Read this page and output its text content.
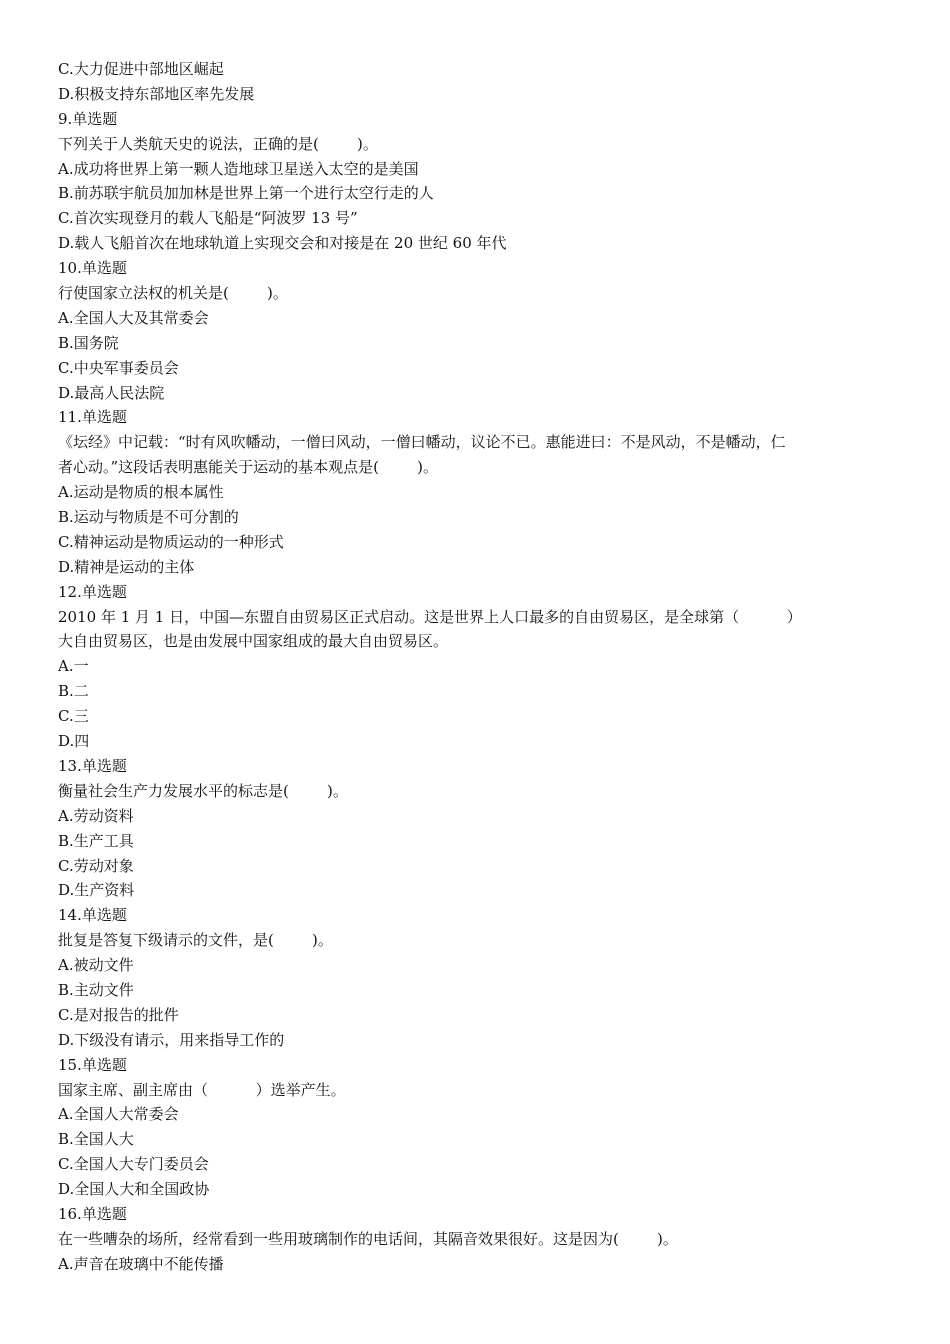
C.大力促进中部地区崛起
D.积极支持东部地区率先发展
9.单选题
下列关于人类航天史的说法，正确的是(        )。
A.成功将世界上第一颗人造地球卫星送入太空的是美国
B.前苏联宇航员加加林是世界上第一个进行太空行走的人
C.首次实现登月的载人飞船是“阿波罗 13 号”
D.载人飞船首次在地球轨道上实现交会和对接是在 20 世纪 60 年代
10.单选题
行使国家立法权的机关是(        )。
A.全国人大及其常委会
B.国务院
C.中央军事委员会
D.最高人民法院
11.单选题
《坛经》中记载：“时有风吹幡动，一僧曰风动，一僧曰幡动，议论不已。惠能进曰：不是风动，不是幡动，仁
者心动。”这段话表明惠能关于运动的基本观点是(        )。
A.运动是物质的根本属性
B.运动与物质是不可分割的
C.精神运动是物质运动的一种形式
D.精神是运动的主体
12.单选题
2010 年 1 月 1 日，中国—东盟自由贸易区正式启动。这是世界上人口最多的自由贸易区，是全球第（          ）
大自由贸易区，也是由发展中国家组成的最大自由贸易区。
A.一
B.二
C.三
D.四
13.单选题
衡量社会生产力发展水平的标志是(        )。
A.劳动资料
B.生产工具
C.劳动对象
D.生产资料
14.单选题
批复是答复下级请示的文件，是(        )。
A.被动文件
B.主动文件
C.是对报告的批件
D.下级没有请示，用来指导工作的
15.单选题
国家主席、副主席由（          ）选举产生。
A.全国人大常委会
B.全国人大
C.全国人大专门委员会
D.全国人大和全国政协
16.单选题
在一些嘈杂的场所，经常看到一些用玻璃制作的电话间，其隔音效果很好。这是因为(        )。
A.声音在玻璃中不能传播
